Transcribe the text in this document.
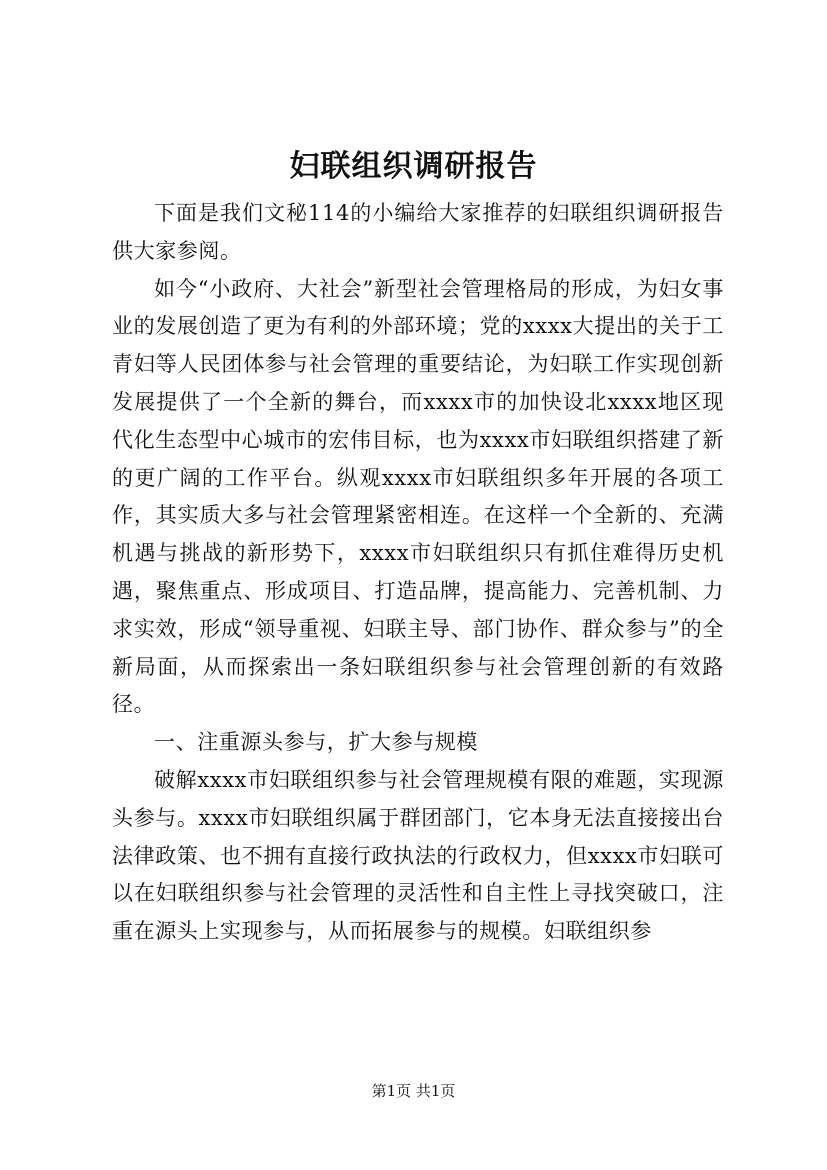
妇联组织调研报告

下面是我们文秘114的小编给大家推荐的妇联组织调研报告供大家参阅。

如今“小政府、大社会”新型社会管理格局的形成，为妇女事业的发展创造了更为有利的外部环境；党的xxxx大提出的关于工青妇等人民团体参与社会管理的重要结论，为妇联工作实现创新发展提供了一个全新的舞台，而xxxx市的加快设北xxxx地区现代化生态型中心城市的宏伟目标，也为xxxx市妇联组织搭建了新的更广阔的工作平台。纵观xxxx市妇联组织多年开展的各项工作，其实质大多与社会管理紧密相连。在这样一个全新的、充满机遇与挑战的新形势下，xxxx市妇联组织只有抓住难得历史机遇，聚焦重点、形成项目、打造品牌，提高能力、完善机制、力求实效，形成“领导重视、妇联主导、部门协作、群众参与”的全新局面，从而探索出一条妇联组织参与社会管理创新的有效路径。

一、注重源头参与，扩大参与规模

破解xxxx市妇联组织参与社会管理规模有限的难题，实现源头参与。xxxx市妇联组织属于群团部门，它本身无法直接接出台法律政策、也不拥有直接行政执法的行政权力，但xxxx市妇联可以在妇联组织参与社会管理的灵活性和自主性上寻找突破口，注重在源头上实现参与，从而拓展参与的规模。妇联组织参

第1页 共1页
